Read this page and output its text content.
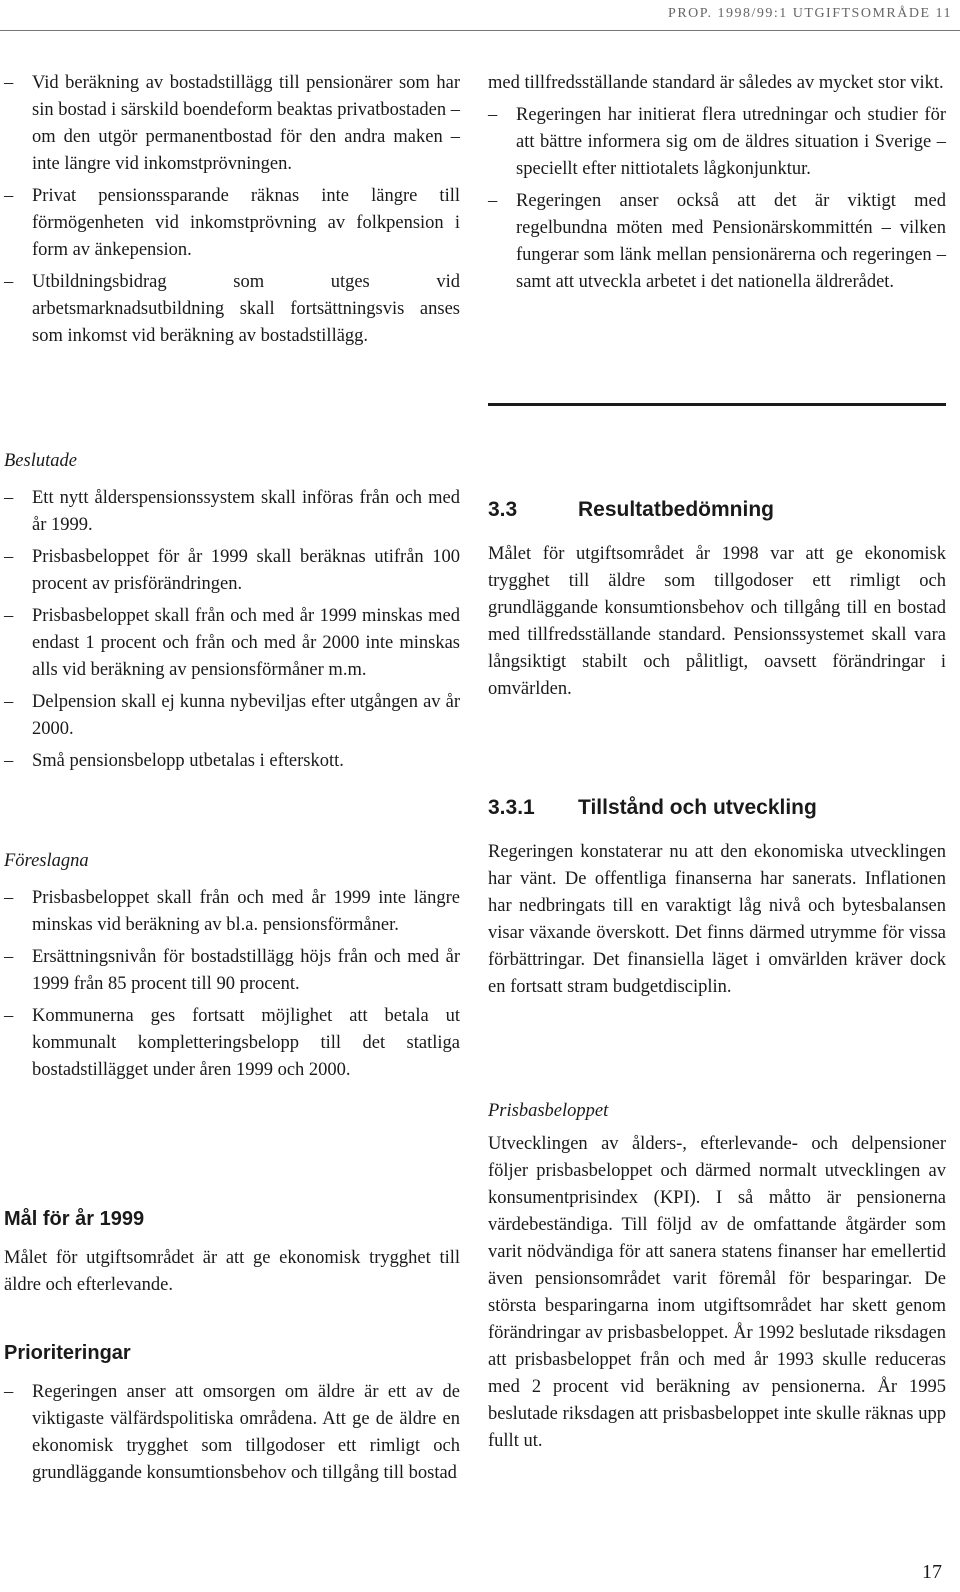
PROP. 1998/99:1 UTGIFTSOMRÅDE 11
– Vid beräkning av bostadstillägg till pensionärer som har sin bostad i särskild boendeform beaktas privatbostaden – om den utgör permanentbostad för den andra maken – inte längre vid inkomstprövningen.
– Privat pensionssparande räknas inte längre till förmögenheten vid inkomstprövning av folkpension i form av änkepension.
– Utbildningsbidrag som utges vid arbetsmarknadsutbildning skall fortsättningsvis anses som inkomst vid beräkning av bostadstillägg.

Beslutade

– Ett nytt ålderspensionssystem skall införas från och med år 1999.
– Prisbasbeloppet för år 1999 skall beräknas utifrån 100 procent av prisförändringen.
– Prisbasbeloppet skall från och med år 1999 minskas med endast 1 procent och från och med år 2000 inte minskas alls vid beräkning av pensionsförmåner m.m.
– Delpension skall ej kunna nybeviljas efter utgången av år 2000.
– Små pensionsbelopp utbetalas i efterskott.

Föreslagna

– Prisbasbeloppet skall från och med år 1999 inte längre minskas vid beräkning av bl.a. pensionsförmåner.
– Ersättningsnivån för bostadstillägg höjs från och med år 1999 från 85 procent till 90 procent.
– Kommunerna ges fortsatt möjlighet att betala ut kommunalt kompletteringsbelopp till det statliga bostadstillägget under åren 1999 och 2000.

Mål för år 1999

Målet för utgiftsområdet är att ge ekonomisk trygghet till äldre och efterlevande.

Prioriteringar

– Regeringen anser att omsorgen om äldre är ett av de viktigaste välfärdspolitiska områdena. Att ge de äldre en ekonomisk trygghet som tillgodoser ett rimligt och grundläggande konsumtionsbehov och tillgång till bostad

med tillfredsställande standard är således av mycket stor vikt.

– Regeringen har initierat flera utredningar och studier för att bättre informera sig om de äldres situation i Sverige – speciellt efter nittiotalets lågkonjunktur.
– Regeringen anser också att det är viktigt med regelbundna möten med Pensionärskommittén – vilken fungerar som länk mellan pensionärerna och regeringen – samt att utveckla arbetet i det nationella äldrerådet.
3.3	Resultatbedömning

Målet för utgiftsområdet år 1998 var att ge ekonomisk trygghet till äldre som tillgodoser ett rimligt och grundläggande konsumtionsbehov och tillgång till en bostad med tillfredsställande standard. Pensionssystemet skall vara långsiktigt stabilt och pålitligt, oavsett förändringar i omvärlden.

3.3.1	Tillstånd och utveckling

Regeringen konstaterar nu att den ekonomiska utvecklingen har vänt. De offentliga finanserna har sanerats. Inflationen har nedbringats till en varaktigt låg nivå och bytesbalansen visar växande överskott. Det finns därmed utrymme för vissa förbättringar. Det finansiella läget i omvärlden kräver dock en fortsatt stram budgetdisciplin.

Prisbasbeloppet

Utvecklingen av ålders-, efterlevande- och delpensioner följer prisbasbeloppet och därmed normalt utvecklingen av konsumentprisindex (KPI). I så måtto är pensionerna värdebeständiga. Till följd av de omfattande åtgärder som varit nödvändiga för att sanera statens finanser har emellertid även pensionsområdet varit föremål för besparingar. De största besparingarna inom utgiftsområdet har skett genom förändringar av prisbasbeloppet. År 1992 beslutade riksdagen att prisbasbeloppet från och med år 1993 skulle reduceras med 2 procent vid beräkning av pensionerna. År 1995 beslutade riksdagen att prisbasbeloppet inte skulle räknas upp fullt ut.

17
